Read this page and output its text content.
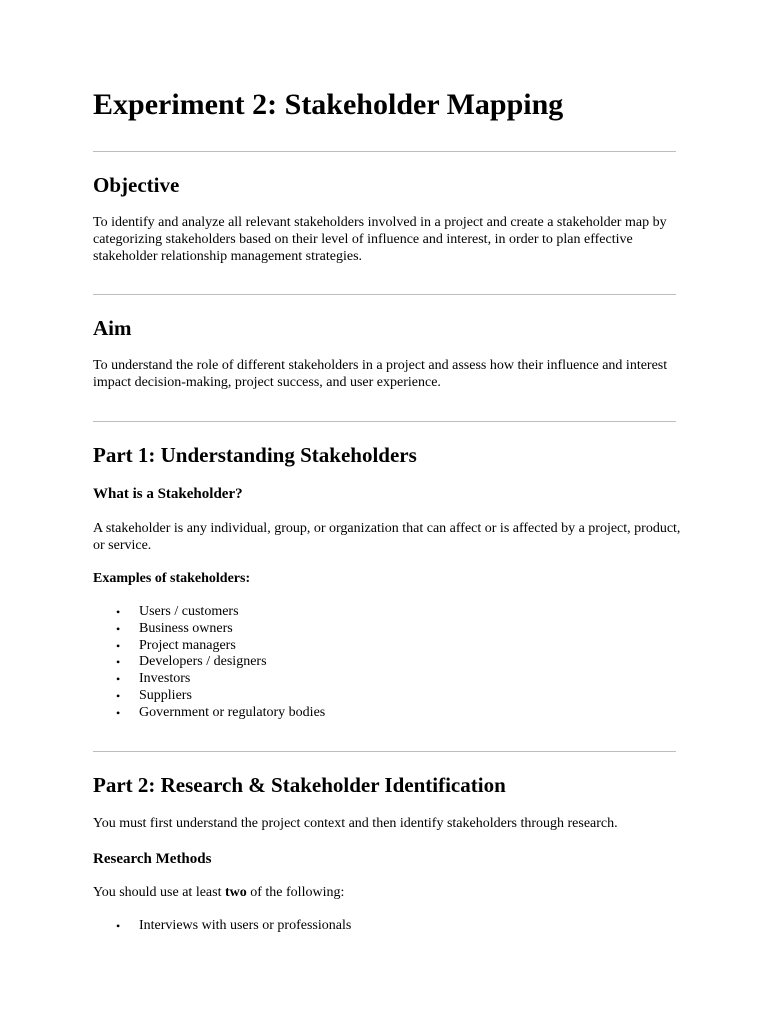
Experiment 2: Stakeholder Mapping
Objective

To identify and analyze all relevant stakeholders involved in a project and create a stakeholder map by categorizing stakeholders based on their level of influence and interest, in order to plan effective stakeholder relationship management strategies.

Aim

To understand the role of different stakeholders in a project and assess how their influence and interest impact decision-making, project success, and user experience.

Part 1: Understanding Stakeholders
What is a Stakeholder?

A stakeholder is any individual, group, or organization that can affect or is affected by a project, product, or service.

Examples of stakeholders:

• Users / customers
• Business owners
• Project managers
• Developers / designers
• Investors
• Suppliers
• Government or regulatory bodies
Part 2: Research & Stakeholder Identification

You must first understand the project context and then identify stakeholders through research.

Research Methods

You should use at least two of the following:

• Interviews with users or professionals
